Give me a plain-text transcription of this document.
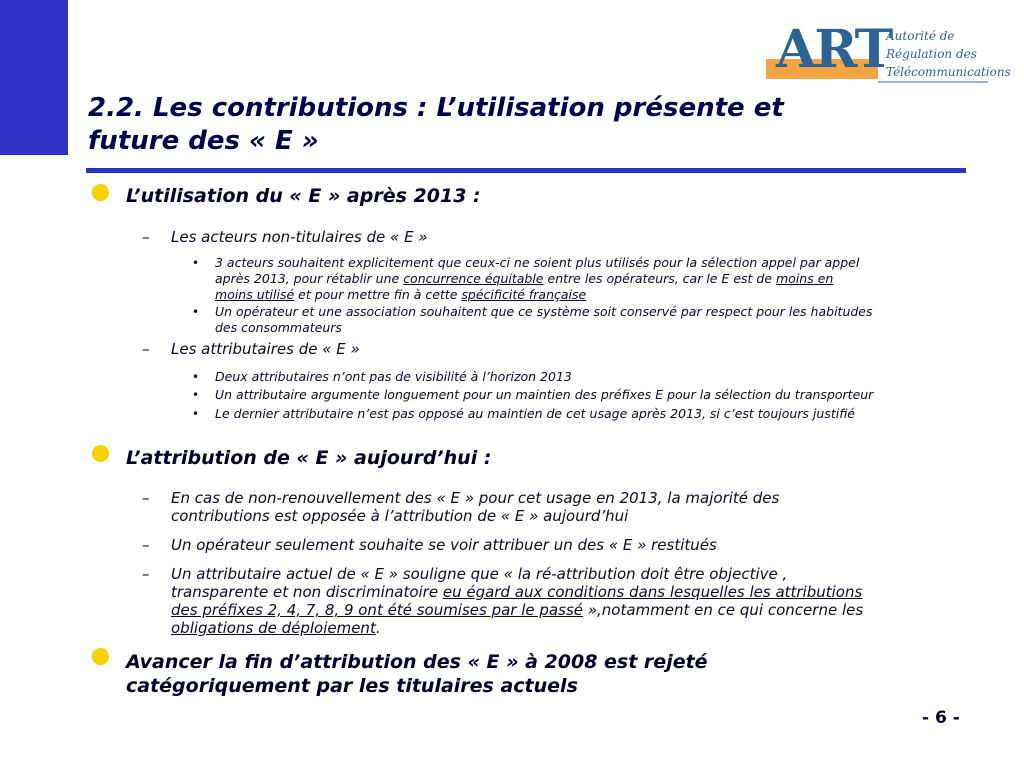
ART
Autorité de
Régulation des
Télécommunications
2.2. Les contributions : L’utilisation présente et
future des « E »
L’utilisation du « E » après 2013 :
– Les acteurs non-titulaires de « E »
• 3 acteurs souhaitent explicitement que ceux-ci ne soient plus utilisés pour la sélection appel par appel
après 2013, pour rétablir une concurrence équitable entre les opérateurs, car le E est de moins en
moins utilisé et pour mettre fin à cette spécificité française
• Un opérateur et une association souhaitent que ce système soit conservé par respect pour les habitudes
des consommateurs
– Les attributaires de « E »
• Deux attributaires n’ont pas de visibilité à l’horizon 2013
• Un attributaire argumente longuement pour un maintien des préfixes E pour la sélection du transporteur
• Le dernier attributaire n’est pas opposé au maintien de cet usage après 2013, si c’est toujours justifié
L’attribution de « E » aujourd’hui :
– En cas de non-renouvellement des « E » pour cet usage en 2013, la majorité des
contributions est opposée à l’attribution de « E » aujourd’hui
– Un opérateur seulement souhaite se voir attribuer un des « E » restitués
– Un attributaire actuel de « E » souligne que « la ré-attribution doit être objective ,
transparente et non discriminatoire eu égard aux conditions dans lesquelles les attributions
des préfixes 2, 4, 7, 8, 9 ont été soumises par le passé »,notamment en ce qui concerne les
obligations de déploiement.
Avancer la fin d’attribution des « E » à 2008 est rejeté
catégoriquement par les titulaires actuels
- 6 -
